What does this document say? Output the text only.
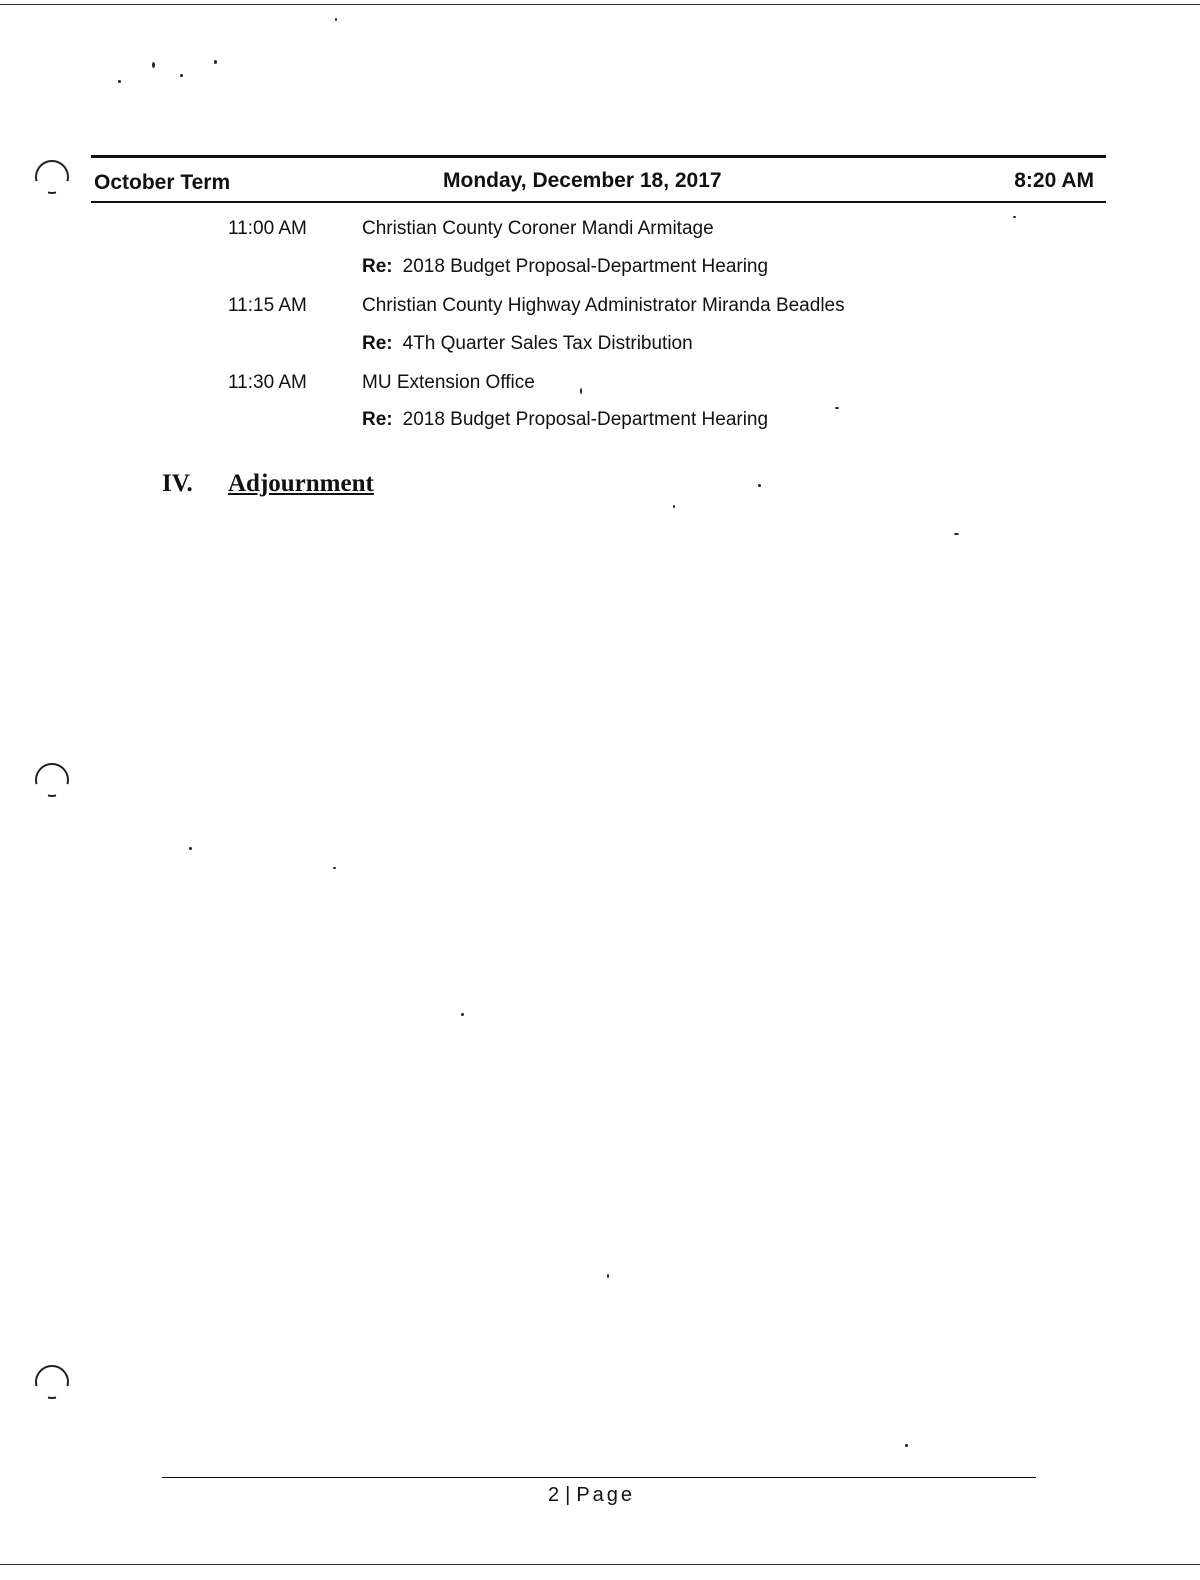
October Term	Monday, December 18, 2017	8:20 AM
11:00 AM	Christian County Coroner Mandi Armitage
Re: 2018 Budget Proposal-Department Hearing
11:15 AM	Christian County Highway Administrator Miranda Beadles
Re: 4Th Quarter Sales Tax Distribution
11:30 AM	MU Extension Office
Re: 2018 Budget Proposal-Department Hearing
IV. Adjournment
2 | Page
